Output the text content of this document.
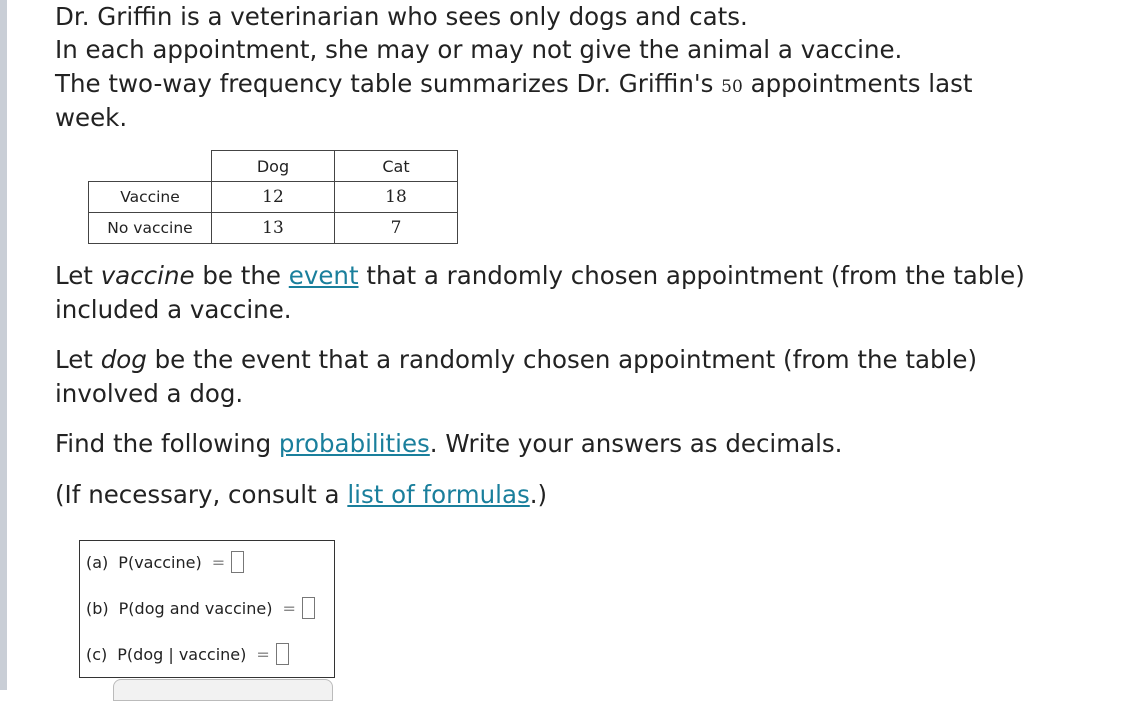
Dr. Griffin is a veterinarian who sees only dogs and cats.
In each appointment, she may or may not give the animal a vaccine.
The two-way frequency table summarizes Dr. Griffin's 50 appointments last
week.
	Dog	Cat
Vaccine	12	18
No vaccine	13	7
Let vaccine be the event that a randomly chosen appointment (from the table)
included a vaccine.
Let dog be the event that a randomly chosen appointment (from the table)
involved a dog.
Find the following probabilities. Write your answers as decimals.
(If necessary, consult a list of formulas.)
(a) P(vaccine) =
(b) P(dog and vaccine) =
(c) P(dog | vaccine) =
